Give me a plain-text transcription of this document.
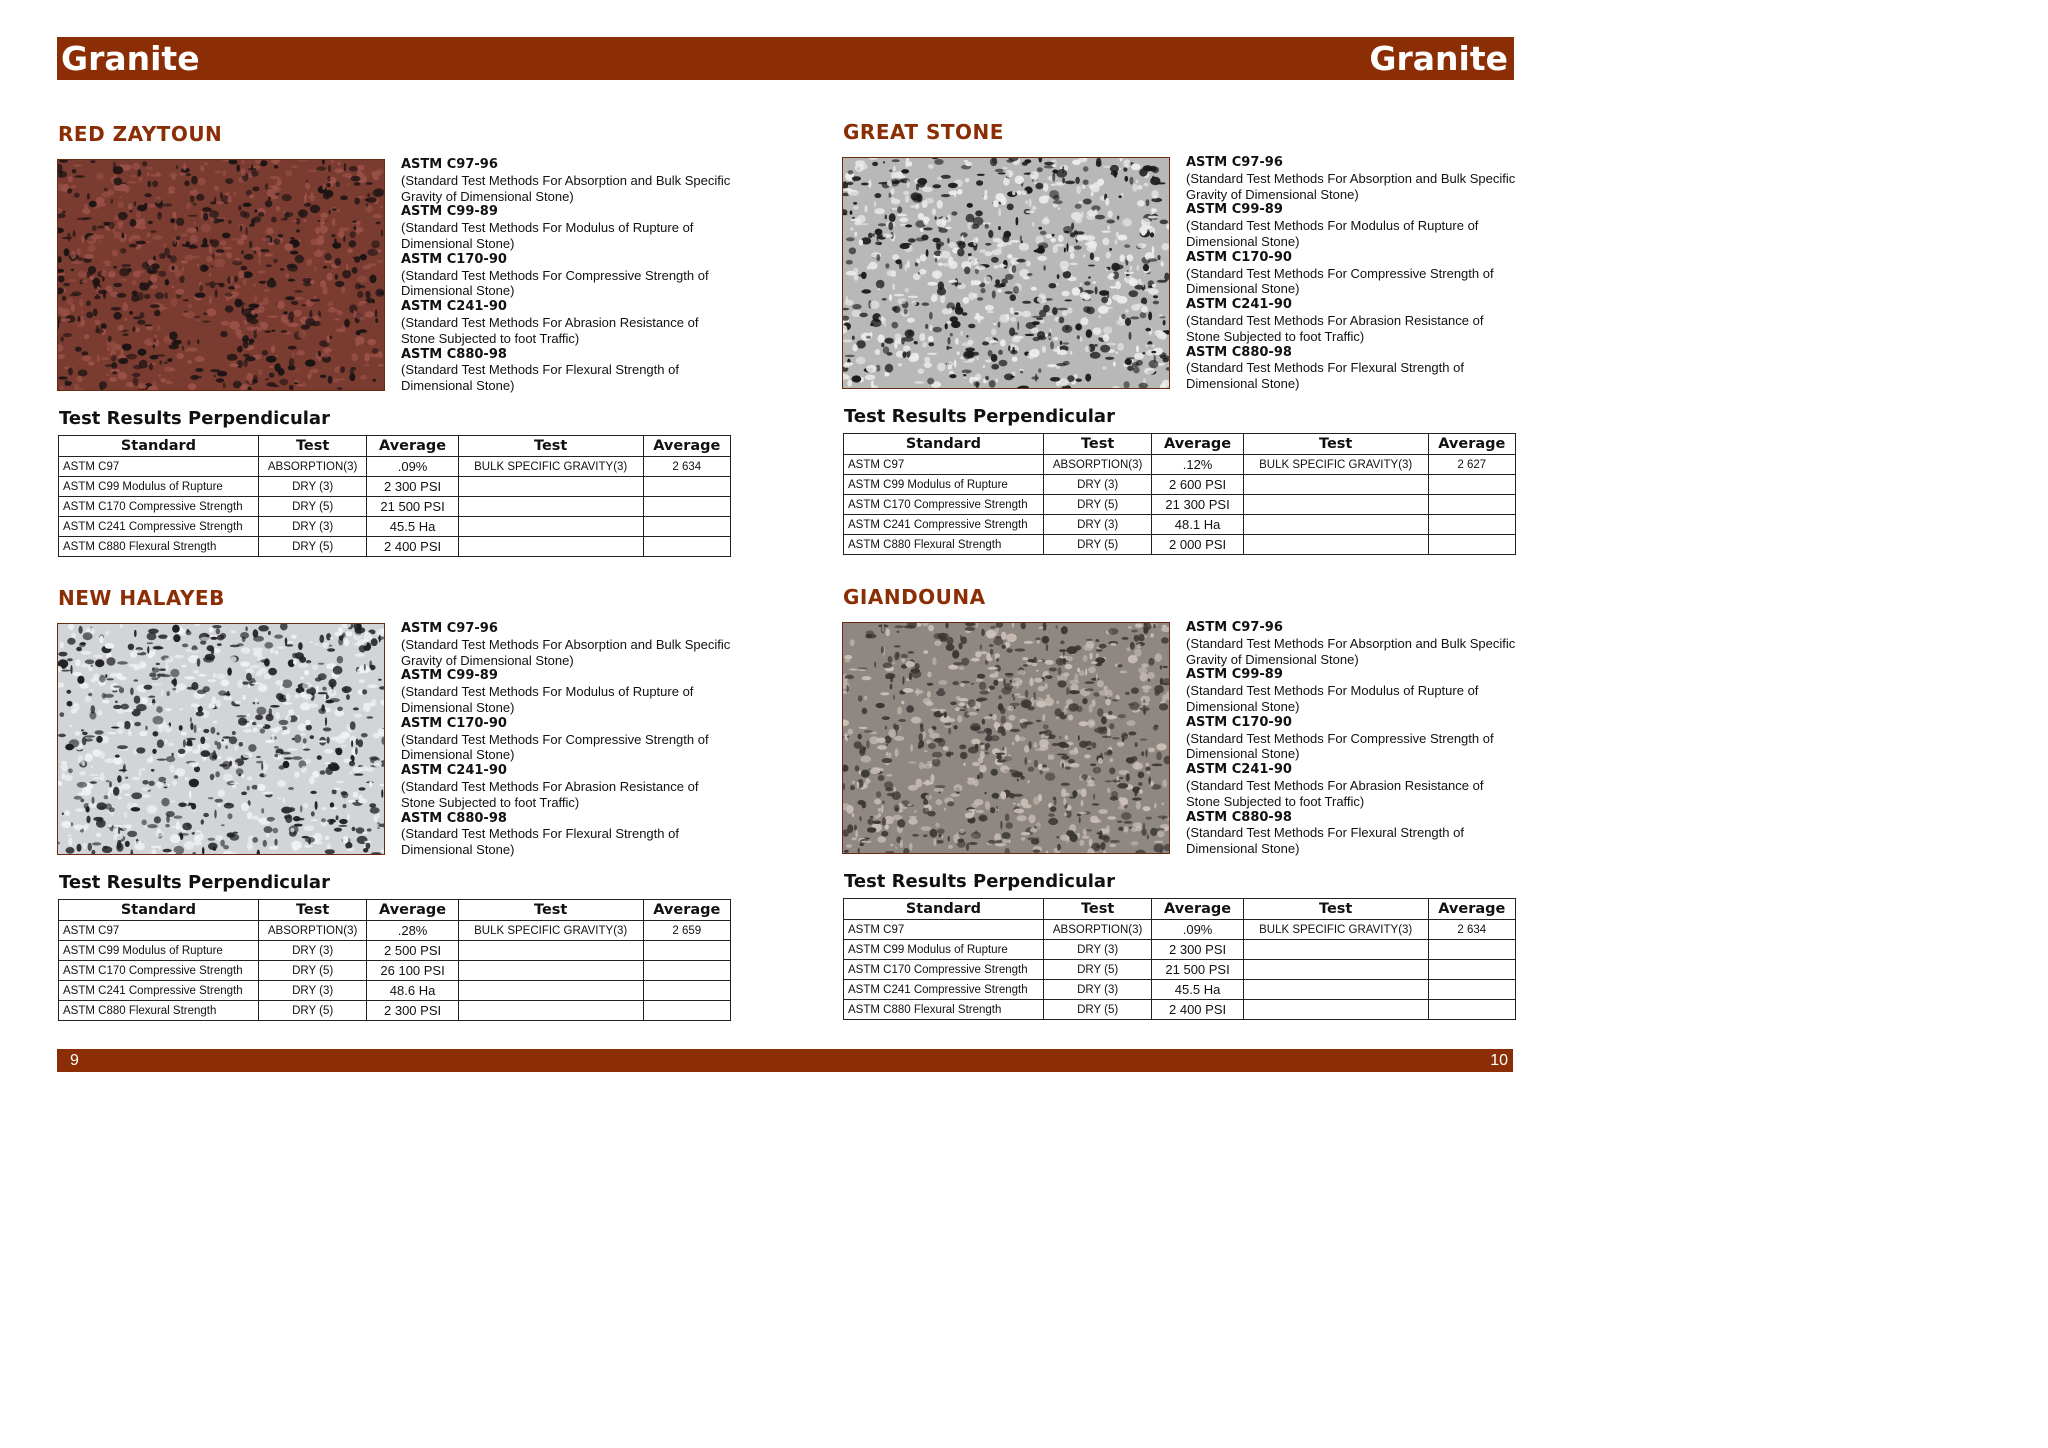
Granite	Granite
RED ZAYTOUN
ASTM C97-96
(Standard Test Methods For Absorption and Bulk Specific Gravity of Dimensional Stone)
ASTM C99-89
(Standard Test Methods For Modulus of Rupture of Dimensional Stone)
ASTM C170-90
(Standard Test Methods For Compressive Strength of Dimensional Stone)
ASTM C241-90
(Standard Test Methods For Abrasion Resistance of Stone Subjected to foot Traffic)
ASTM C880-98
(Standard Test Methods For Flexural Strength of Dimensional Stone)
Test Results Perpendicular
Standard	Test	Average	Test	Average
ASTM C97	ABSORPTION(3)	.09%	BULK SPECIFIC GRAVITY(3)	2 634
ASTM C99 Modulus of Rupture	DRY (3)	2 300 PSI		
ASTM C170 Compressive Strength	DRY (5)	21 500 PSI		
ASTM C241 Compressive Strength	DRY (3)	45.5 Ha		
ASTM C880 Flexural Strength	DRY (5)	2 400 PSI		
GREAT STONE
ASTM C97-96
(Standard Test Methods For Absorption and Bulk Specific Gravity of Dimensional Stone)
ASTM C99-89
(Standard Test Methods For Modulus of Rupture of Dimensional Stone)
ASTM C170-90
(Standard Test Methods For Compressive Strength of Dimensional Stone)
ASTM C241-90
(Standard Test Methods For Abrasion Resistance of Stone Subjected to foot Traffic)
ASTM C880-98
(Standard Test Methods For Flexural Strength of Dimensional Stone)
Test Results Perpendicular
Standard	Test	Average	Test	Average
ASTM C97	ABSORPTION(3)	.12%	BULK SPECIFIC GRAVITY(3)	2 627
ASTM C99 Modulus of Rupture	DRY (3)	2 600 PSI		
ASTM C170 Compressive Strength	DRY (5)	21 300 PSI		
ASTM C241 Compressive Strength	DRY (3)	48.1 Ha		
ASTM C880 Flexural Strength	DRY (5)	2 000 PSI		
NEW HALAYEB
ASTM C97-96
(Standard Test Methods For Absorption and Bulk Specific Gravity of Dimensional Stone)
ASTM C99-89
(Standard Test Methods For Modulus of Rupture of Dimensional Stone)
ASTM C170-90
(Standard Test Methods For Compressive Strength of Dimensional Stone)
ASTM C241-90
(Standard Test Methods For Abrasion Resistance of Stone Subjected to foot Traffic)
ASTM C880-98
(Standard Test Methods For Flexural Strength of Dimensional Stone)
Test Results Perpendicular
Standard	Test	Average	Test	Average
ASTM C97	ABSORPTION(3)	.28%	BULK SPECIFIC GRAVITY(3)	2 659
ASTM C99 Modulus of Rupture	DRY (3)	2 500 PSI		
ASTM C170 Compressive Strength	DRY (5)	26 100 PSI		
ASTM C241 Compressive Strength	DRY (3)	48.6 Ha		
ASTM C880 Flexural Strength	DRY (5)	2 300 PSI		
GIANDOUNA
ASTM C97-96
(Standard Test Methods For Absorption and Bulk Specific Gravity of Dimensional Stone)
ASTM C99-89
(Standard Test Methods For Modulus of Rupture of Dimensional Stone)
ASTM C170-90
(Standard Test Methods For Compressive Strength of Dimensional Stone)
ASTM C241-90
(Standard Test Methods For Abrasion Resistance of Stone Subjected to foot Traffic)
ASTM C880-98
(Standard Test Methods For Flexural Strength of Dimensional Stone)
Test Results Perpendicular
Standard	Test	Average	Test	Average
ASTM C97	ABSORPTION(3)	.09%	BULK SPECIFIC GRAVITY(3)	2 634
ASTM C99 Modulus of Rupture	DRY (3)	2 300 PSI		
ASTM C170 Compressive Strength	DRY (5)	21 500 PSI		
ASTM C241 Compressive Strength	DRY (3)	45.5 Ha		
ASTM C880 Flexural Strength	DRY (5)	2 400 PSI		
9	10
